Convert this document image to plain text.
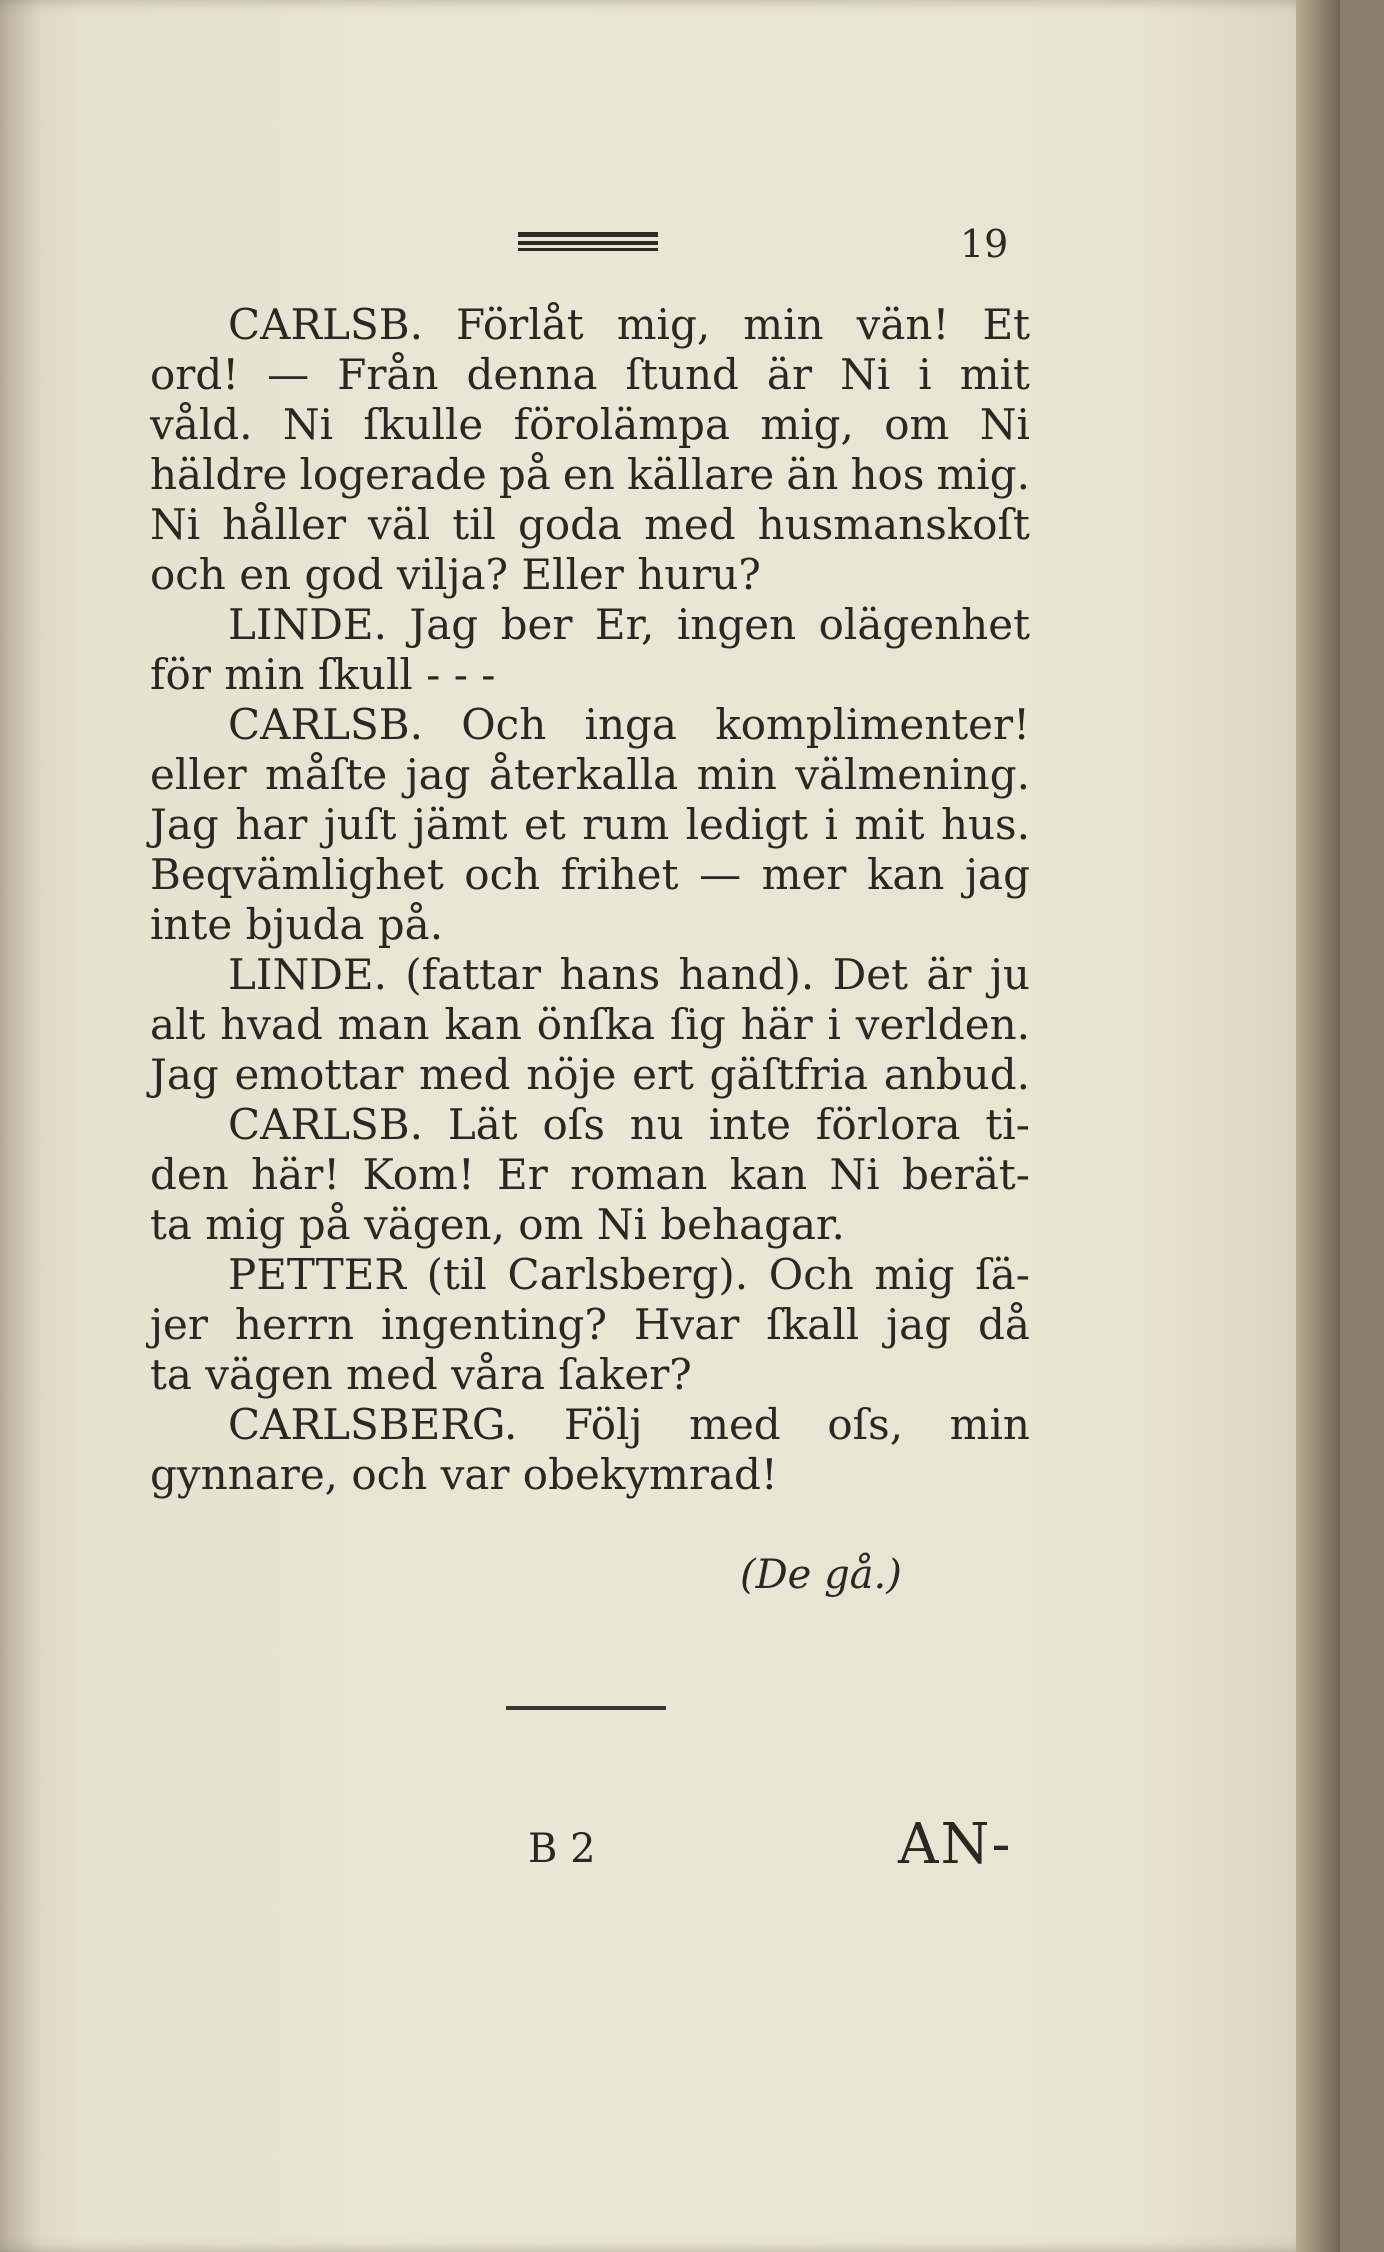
19
CARLSB. Förlåt mig, min vän! Et
ord! — Från denna ſtund är Ni i mit
våld. Ni ſkulle förolämpa mig, om Ni
häldre logerade på en källare än hos mig.
Ni håller väl til goda med husmanskoſt
och en god vilja? Eller huru?
LINDE. Jag ber Er, ingen olägenhet
för min ſkull - - -
CARLSB. Och inga komplimenter!
eller måſte jag återkalla min välmening.
Jag har juſt jämt et rum ledigt i mit hus.
Beqvämlighet och frihet — mer kan jag
inte bjuda på.
LINDE. (fattar hans hand). Det är ju
alt hvad man kan önſka ſig här i verlden.
Jag emottar med nöje ert gäſtfria anbud.
CARLSB. Lät oſs nu inte förlora ti-
den här! Kom! Er roman kan Ni berät-
ta mig på vägen, om Ni behagar.
PETTER (til Carlsberg). Och mig ſä-
jer herrn ingenting? Hvar ſkall jag då
ta vägen med våra ſaker?
CARLSBERG. Följ med oſs, min
gynnare, och var obekymrad!
(De gå.)
B 2	AN-
